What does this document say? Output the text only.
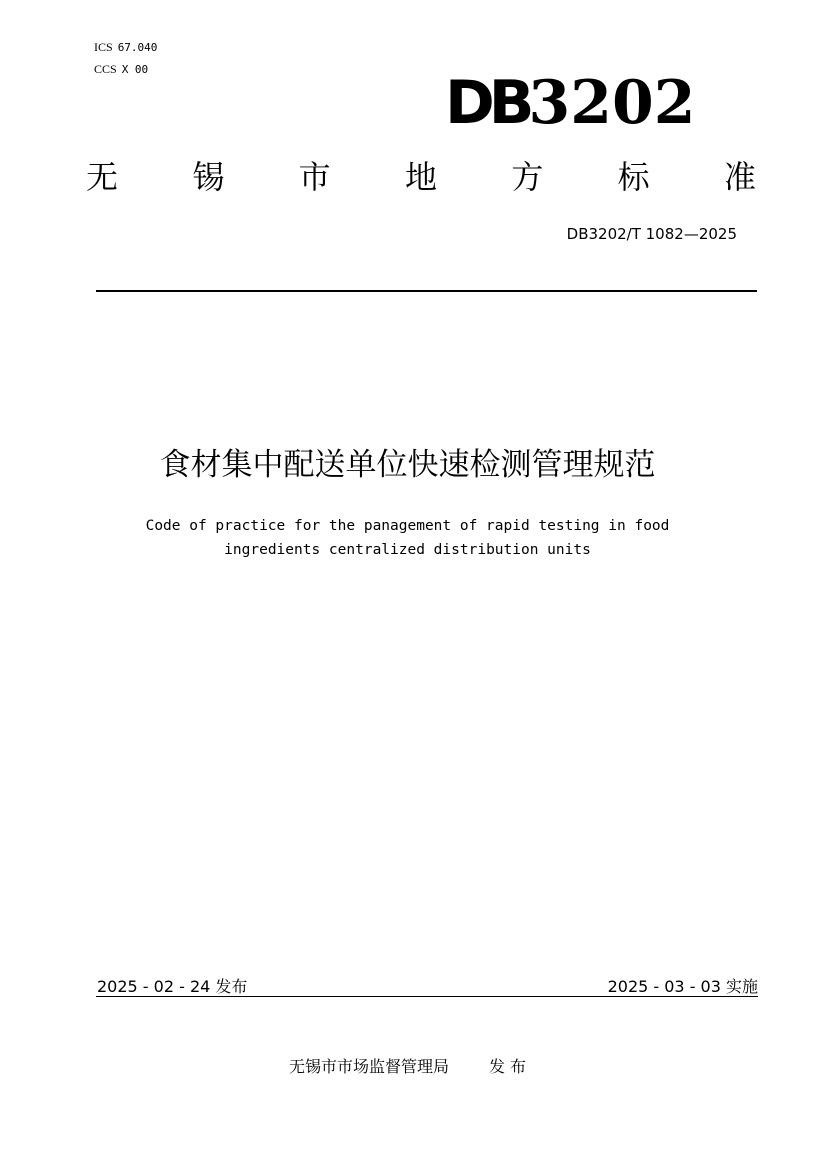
ICS 67.040
CCS X 00	DB3202
无 锡 市 地 方 标 准
DB3202/T 1082—2025
食材集中配送单位快速检测管理规范
Code of practice for the panagement of rapid testing in food
ingredients centralized distribution units
2025 - 02 - 24 发布	2025 - 03 - 03 实施
无锡市市场监督管理局	发 布
